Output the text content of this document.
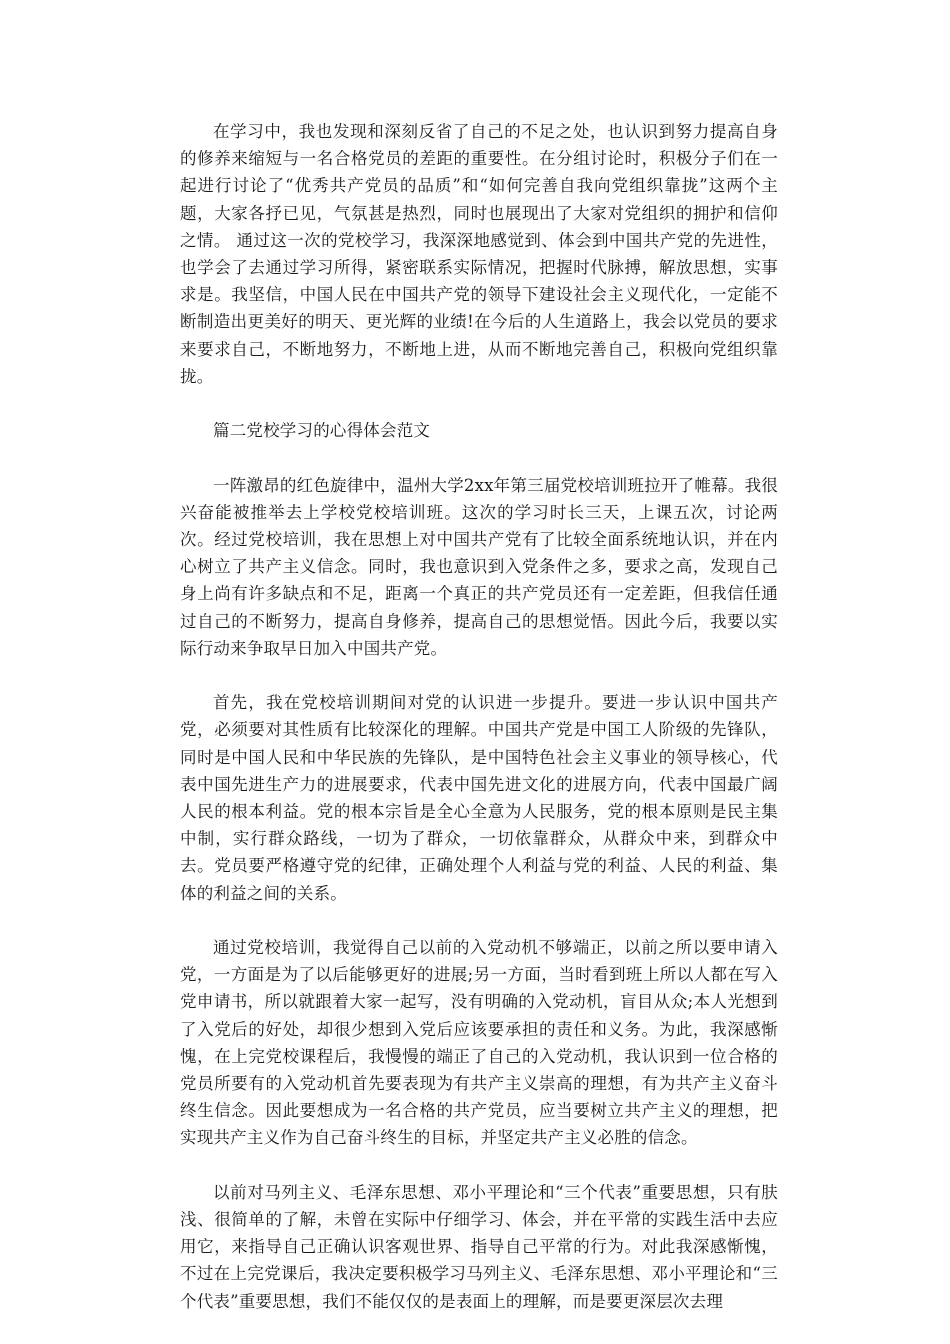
在学习中，我也发现和深刻反省了自己的不足之处，也认识到努力提高自身的修养来缩短与一名合格党员的差距的重要性。在分组讨论时，积极分子们在一起进行讨论了“优秀共产党员的品质”和“如何完善自我向党组织靠拢”这两个主题，大家各抒已见，气氛甚是热烈，同时也展现出了大家对党组织的拥护和信仰之情。 通过这一次的党校学习，我深深地感觉到、体会到中国共产党的先进性，也学会了去通过学习所得，紧密联系实际情况，把握时代脉搏，解放思想，实事求是。我坚信，中国人民在中国共产党的领导下建设社会主义现代化，一定能不断制造出更美好的明天、更光辉的业绩!在今后的人生道路上，我会以党员的要求来要求自己，不断地努力，不断地上进，从而不断地完善自己，积极向党组织靠拢。

篇二党校学习的心得体会范文

一阵激昂的红色旋律中，温州大学2xx年第三届党校培训班拉开了帷幕。我很兴奋能被推举去上学校党校培训班。这次的学习时长三天，上课五次，讨论两次。经过党校培训，我在思想上对中国共产党有了比较全面系统地认识，并在内心树立了共产主义信念。同时，我也意识到入党条件之多，要求之高，发现自己身上尚有许多缺点和不足，距离一个真正的共产党员还有一定差距，但我信任通过自己的不断努力，提高自身修养，提高自己的思想觉悟。因此今后，我要以实际行动来争取早日加入中国共产党。

首先，我在党校培训期间对党的认识进一步提升。要进一步认识中国共产党，必须要对其性质有比较深化的理解。中国共产党是中国工人阶级的先锋队，同时是中国人民和中华民族的先锋队，是中国特色社会主义事业的领导核心，代表中国先进生产力的进展要求，代表中国先进文化的进展方向，代表中国最广阔人民的根本利益。党的根本宗旨是全心全意为人民服务，党的根本原则是民主集中制，实行群众路线，一切为了群众，一切依靠群众，从群众中来，到群众中去。党员要严格遵守党的纪律，正确处理个人利益与党的利益、人民的利益、集体的利益之间的关系。

通过党校培训，我觉得自己以前的入党动机不够端正，以前之所以要申请入党，一方面是为了以后能够更好的进展;另一方面，当时看到班上所以人都在写入党申请书，所以就跟着大家一起写，没有明确的入党动机，盲目从众;本人光想到了入党后的好处，却很少想到入党后应该要承担的责任和义务。为此，我深感惭愧，在上完党校课程后，我慢慢的端正了自己的入党动机，我认识到一位合格的党员所要有的入党动机首先要表现为有共产主义崇高的理想，有为共产主义奋斗终生信念。因此要想成为一名合格的共产党员，应当要树立共产主义的理想，把实现共产主义作为自己奋斗终生的目标，并坚定共产主义必胜的信念。

以前对马列主义、毛泽东思想、邓小平理论和“三个代表”重要思想，只有肤浅、很简单的了解，未曾在实际中仔细学习、体会，并在平常的实践生活中去应用它，来指导自己正确认识客观世界、指导自己平常的行为。对此我深感惭愧，不过在上完党课后，我决定要积极学习马列主义、毛泽东思想、邓小平理论和“三个代表”重要思想，我们不能仅仅的是表面上的理解，而是要更深层次去理
